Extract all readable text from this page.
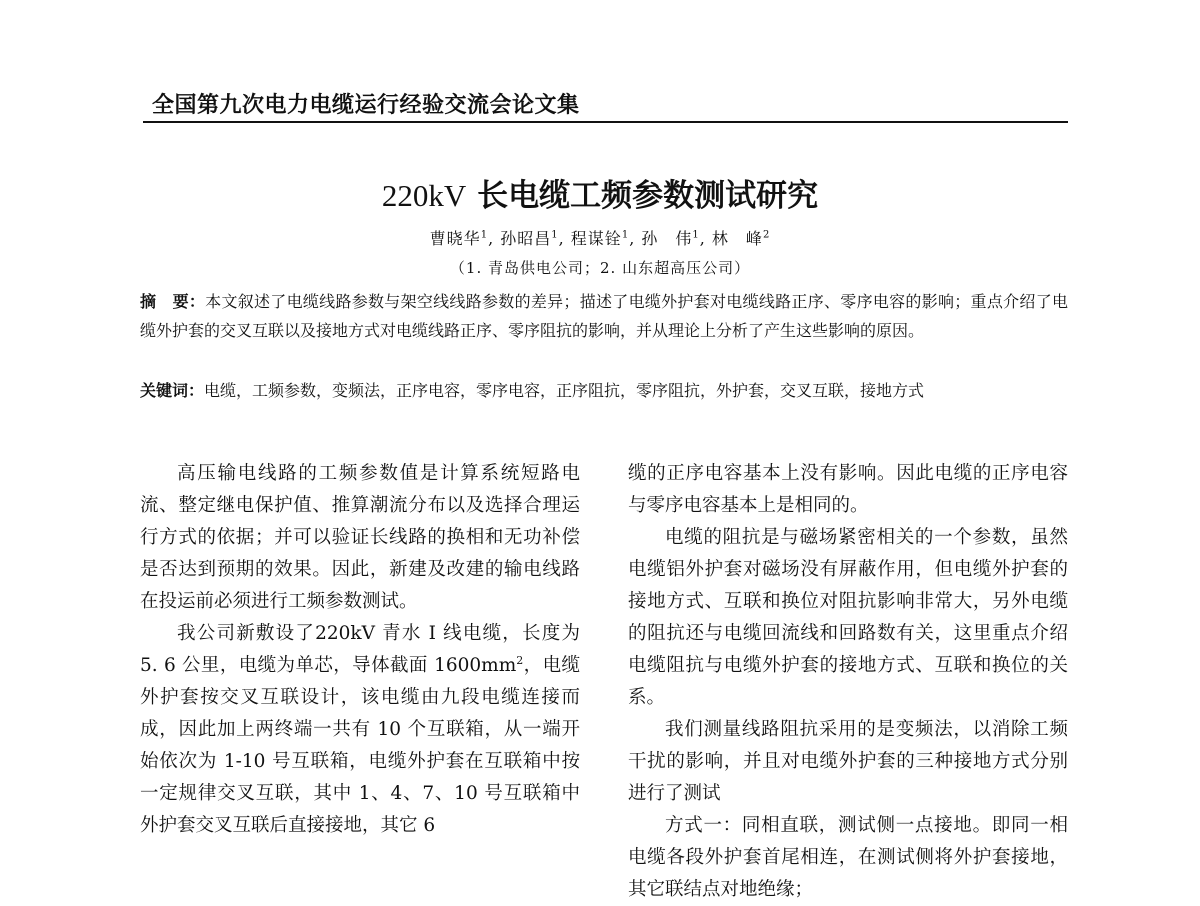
全国第九次电力电缆运行经验交流会论文集
220kV 长电缆工频参数测试研究
曹晓华$^1$, 孙昭昌$^1$, 程谋铨$^1$, 孙　伟$^1$, 林　峰$^2$
（1. 青岛供电公司；2. 山东超高压公司）
摘　要：本文叙述了电缆线路参数与架空线线路参数的差异；描述了电缆外护套对电缆线路正序、零序电容的影响；重点介绍了电缆外护套的交叉互联以及接地方式对电缆线路正序、零序阻抗的影响，并从理论上分析了产生这些影响的原因。
关键词：电缆，工频参数，变频法，正序电容，零序电容，正序阻抗，零序阻抗，外护套，交叉互联，接地方式

高压输电线路的工频参数值是计算系统短路电流、整定继电保护值、推算潮流分布以及选择合理运行方式的依据；并可以验证长线路的换相和无功补偿是否达到预期的效果。因此，新建及改建的输电线路在投运前必须进行工频参数测试。

我公司新敷设了220kV 青水 I 线电缆，长度为 5. 6 公里，电缆为单芯，导体截面 $1600mm^2$，电缆外护套按交叉互联设计，该电缆由九段电缆连接而成，因此加上两终端一共有 10 个互联箱，从一端开始依次为 1-10 号互联箱，电缆外护套在互联箱中按一定规律交叉互联，其中 1、4、7、10 号互联箱中外护套交叉互联后直接接地，其它 6

缆的正序电容基本上没有影响。因此电缆的正序电容与零序电容基本上是相同的。

电缆的阻抗是与磁场紧密相关的一个参数，虽然电缆铝外护套对磁场没有屏蔽作用，但电缆外护套的接地方式、互联和换位对阻抗影响非常大，另外电缆的阻抗还与电缆回流线和回路数有关，这里重点介绍电缆阻抗与电缆外护套的接地方式、互联和换位的关系。

我们测量线路阻抗采用的是变频法，以消除工频干扰的影响，并且对电缆外护套的三种接地方式分别进行了测试

方式一：同相直联，测试侧一点接地。即同一相电缆各段外护套首尾相连，在测试侧将外护套接地，其它联结点对地绝缘；
